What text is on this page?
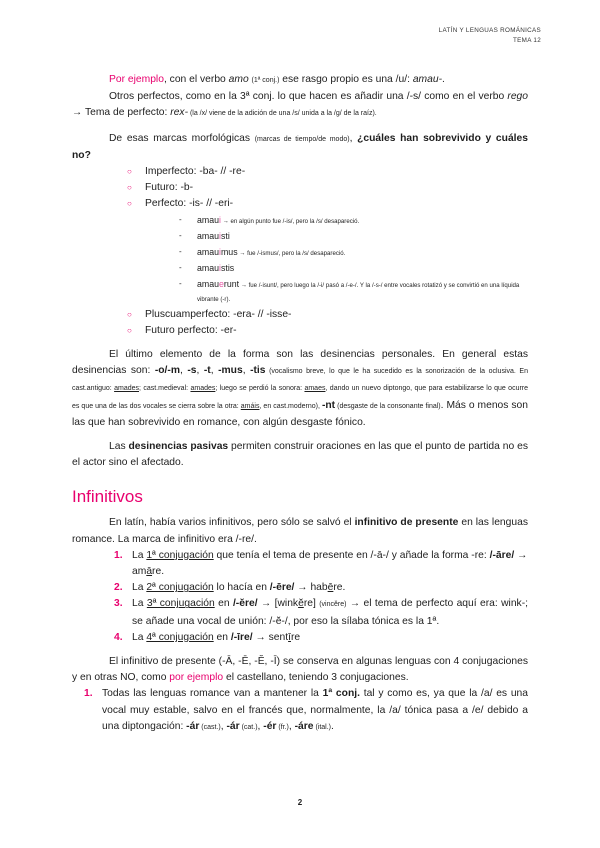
LATÍN Y LENGUAS ROMÁNICAS
TEMA 12

Por ejemplo, con el verbo amo (1ª conj.) ese rasgo propio es una /u/: amau-.

Otros perfectos, como en la 3ª conj. lo que hacen es añadir una /-s/ como en el verbo rego → Tema de perfecto: rex- (la /x/ viene de la adición de una /s/ unida a la /g/ de la raíz).

De esas marcas morfológicas (marcas de tiempo/de modo), ¿cuáles han sobrevivido y cuáles no?

○ Imperfecto: -ba- // -re-
○ Futuro: -b-
○ Perfecto: -is- // -eri-
- amaui → en algún punto fue /-is/, pero la /s/ desapareció.
- amauisti
- amauimus → fue /-ismus/, pero la /s/ desapareció.
- amauistis
- amauerunt → fue /-isunt/, pero luego la /-i/ pasó a /-e-/. Y la /-s-/ entre vocales rotatizó y se convirtió en una líquida vibrante (-r).
○ Pluscuamperfecto: -era- // -isse-
○ Futuro perfecto: -er-

El último elemento de la forma son las desinencias personales. En general estas desinencias son: -o/-m, -s, -t, -mus, -tis (vocalismo breve, lo que le ha sucedido es la sonorización de la oclusiva. En cast.antiguo: amades; cast.medieval: amades; luego se perdió la sonora: amaes, dando un nuevo diptongo, que para estabilizarse lo que ocurre es que una de las dos vocales se cierra sobre la otra: amáis, en cast.moderno), -nt (desgaste de la consonante final). Más o menos son las que han sobrevivido en romance, con algún desgaste fónico.

Las desinencias pasivas permiten construir oraciones en las que el punto de partida no es el actor sino el afectado.

Infinitivos

En latín, había varios infinitivos, pero sólo se salvó el infinitivo de presente en las lenguas romance. La marca de infinitivo era /-re/.

1. La 1ª conjugación que tenía el tema de presente en /-ā-/ y añade la forma -re: /-āre/ → amāre.
2. La 2ª conjugación lo hacía en /-ēre/ → habēre.
3. La 3ª conjugación en /-ĕre/ → [winkĕre] (vincĕre) → el tema de perfecto aquí era: wink-; se añade una vocal de unión: /-ĕ-/, por eso la sílaba tónica es la 1ª.
4. La 4ª conjugación en /-īre/ → sentīre

El infinitivo de presente (-Ā, -Ē, -Ĕ, -Ī) se conserva en algunas lenguas con 4 conjugaciones y en otras NO, como por ejemplo el castellano, teniendo 3 conjugaciones.

1. Todas las lenguas romance van a mantener la 1ª conj. tal y como es, ya que la /a/ es una vocal muy estable, salvo en el francés que, normalmente, la /a/ tónica pasa a /e/ debido a una diptongación: -ár (cast.), -ár (cat.), -ér (fr.), -áre (ital.).
2
